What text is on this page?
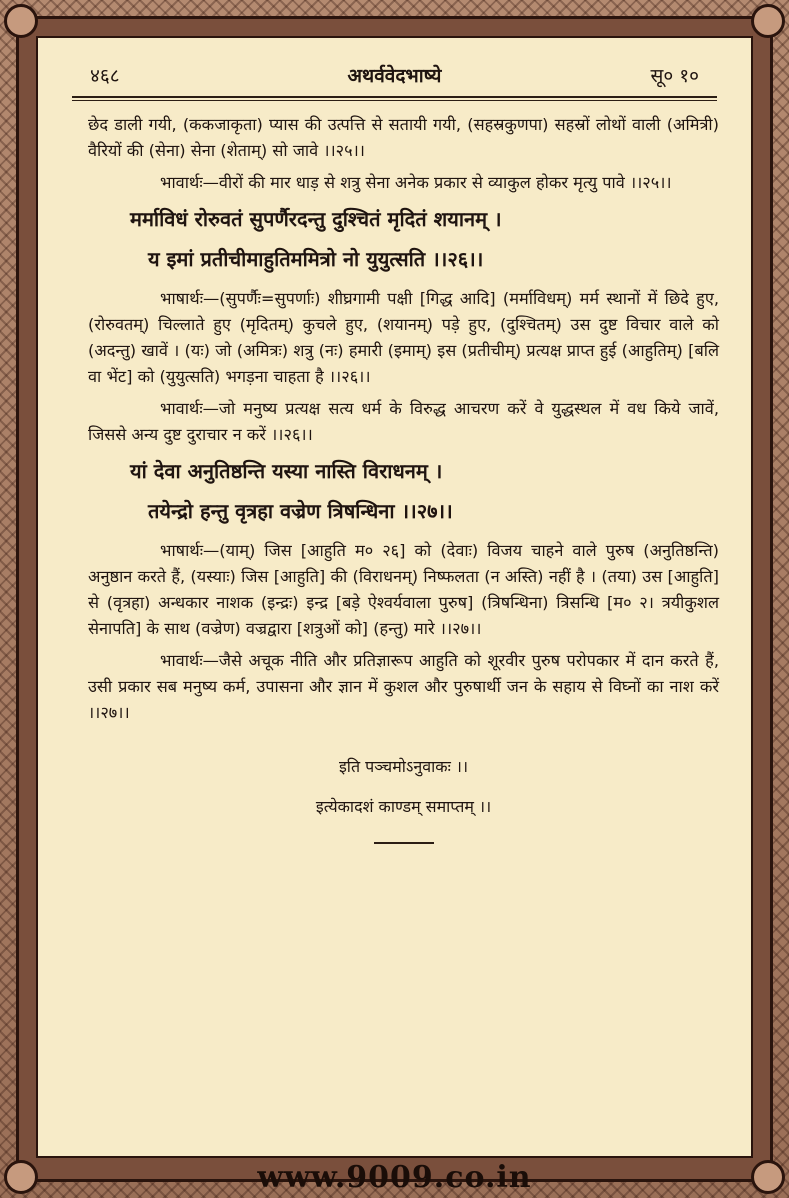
४६८	अथर्ववेदभाष्ये	सू० १०

छेद डाली गयी, (ककजाकृता) प्यास की उत्पत्ति से सतायी गयी, (सहस्रकुणपा) सहस्रों लोथों वाली (अमित्री) वैरियों की (सेना) सेना (शेताम्) सो जावे ।।२५।।

भावार्थः—वीरों की मार धाड़ से शत्रु सेना अनेक प्रकार से व्याकुल होकर मृत्यु पावे ।।२५।।

मर्माविधं रोरुवतं सुपर्णैरदन्तु दुश्चितं मृदितं शयानम् ।

य इमां प्रतीचीमाहुतिममित्रो नो युयुत्सति ।।२६।।

भाषार्थः—(सुपर्णैः=सुपर्णाः) शीघ्रगामी पक्षी [गिद्ध आदि] (मर्माविधम्) मर्म स्थानों में छिदे हुए, (रोरुवतम्) चिल्लाते हुए (मृदितम्) कुचले हुए, (शयानम्) पड़े हुए, (दुश्चितम्) उस दुष्ट विचार वाले को (अदन्तु) खावें । (यः) जो (अमित्रः) शत्रु (नः) हमारी (इमाम्) इस (प्रतीचीम्) प्रत्यक्ष प्राप्त हुई (आहुतिम्) [बलि वा भेंट] को (युयुत्सति) भगड़ना चाहता है ।।२६।।

भावार्थः—जो मनुष्य प्रत्यक्ष सत्य धर्म के विरुद्ध आचरण करें वे युद्धस्थल में वध किये जावें, जिससे अन्य दुष्ट दुराचार न करें ।।२६।।

यां देवा अनुतिष्ठन्ति यस्या नास्ति विराधनम् ।

तयेन्द्रो हन्तु वृत्रहा वज्रेण त्रिषन्धिना ।।२७।।

भाषार्थः—(याम्) जिस [आहुति म० २६] को (देवाः) विजय चाहने वाले पुरुष (अनुतिष्ठन्ति) अनुष्ठान करते हैं, (यस्याः) जिस [आहुति] की (विराधनम्) निष्फलता (न अस्ति) नहीं है । (तया) उस [आहुति] से (वृत्रहा) अन्धकार नाशक (इन्द्रः) इन्द्र [बड़े ऐश्वर्यवाला पुरुष] (त्रिषन्धिना) त्रिसन्धि [म० २। त्रयीकुशल सेनापति] के साथ (वज्रेण) वज्रद्वारा [शत्रुओं को] (हन्तु) मारे ।।२७।।

भावार्थः—जैसे अचूक नीति और प्रतिज्ञारूप आहुति को शूरवीर पुरुष परोपकार में दान करते हैं, उसी प्रकार सब मनुष्य कर्म, उपासना और ज्ञान में कुशल और पुरुषार्थी जन के सहाय से विघ्नों का नाश करें ।।२७।।

इति पञ्चमोऽनुवाकः ।।

इत्येकादशं काण्डम् समाप्तम् ।।

www.9009.co.in
